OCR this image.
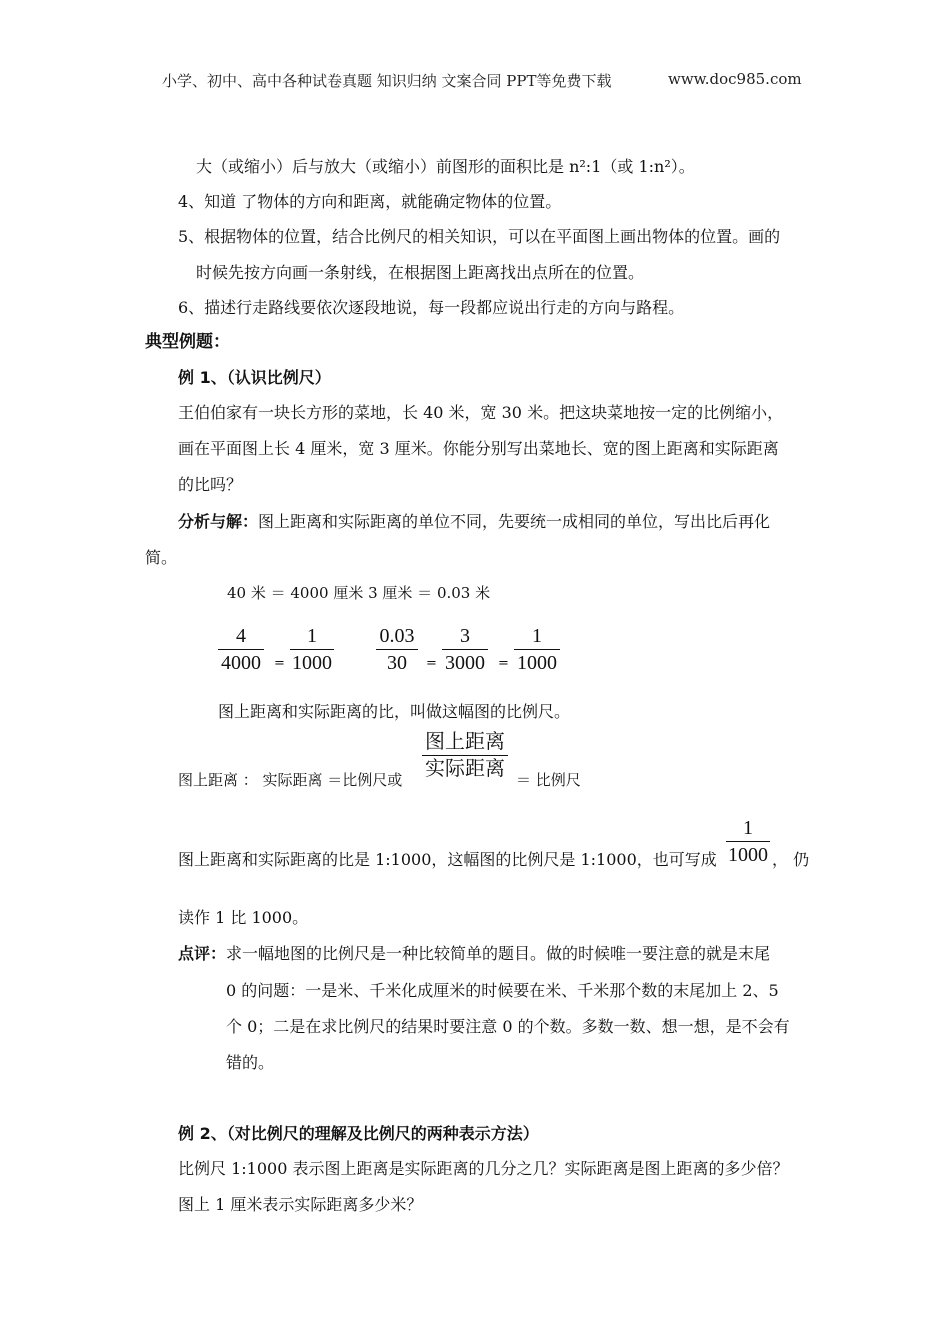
小学、初中、高中各种试卷真题 知识归纳 文案合同 PPT等免费下载	www.doc985.com
大（或缩小）后与放大（或缩小）前图形的面积比是 n²:1（或 1:n²）。
4、知道 了物体的方向和距离，就能确定物体的位置。
5、根据物体的位置，结合比例尺的相关知识，可以在平面图上画出物体的位置。画的
时候先按方向画一条射线，在根据图上距离找出点所在的位置。
6、描述行走路线要依次逐段地说，每一段都应说出行走的方向与路程。
典型例题：
例 1、（认识比例尺）
王伯伯家有一块长方形的菜地，长 40 米，宽 30 米。把这块菜地按一定的比例缩小，
画在平面图上长 4 厘米，宽 3 厘米。你能分别写出菜地长、宽的图上距离和实际距离
的比吗？
分析与解：图上距离和实际距离的单位不同，先要统一成相同的单位，写出比后再化
简。
40 米 ＝ 4000 厘米 3 厘米 ＝ 0.03 米
4
4000 =
1
1000
0.03
30	=
3
3000 =
1
1000
图上距离和实际距离的比，叫做这幅图的比例尺。
图上距离
实际距离
图上距离 ： 实际距离 ＝比例尺或	＝ 比例尺
1
1000
图上距离和实际距离的比是 1:1000，这幅图的比例尺是 1:1000，也可写成	， 仍
读作 1 比 1000。
点评：求一幅地图的比例尺是一种比较简单的题目。做的时候唯一要注意的就是末尾
0 的问题：一是米、千米化成厘米的时候要在米、千米那个数的末尾加上 2、5
个 0；二是在求比例尺的结果时要注意 0 的个数。多数一数、想一想，是不会有
错的。
例 2、（对比例尺的理解及比例尺的两种表示方法）
比例尺 1:1000 表示图上距离是实际距离的几分之几？实际距离是图上距离的多少倍？
图上 1 厘米表示实际距离多少米？
